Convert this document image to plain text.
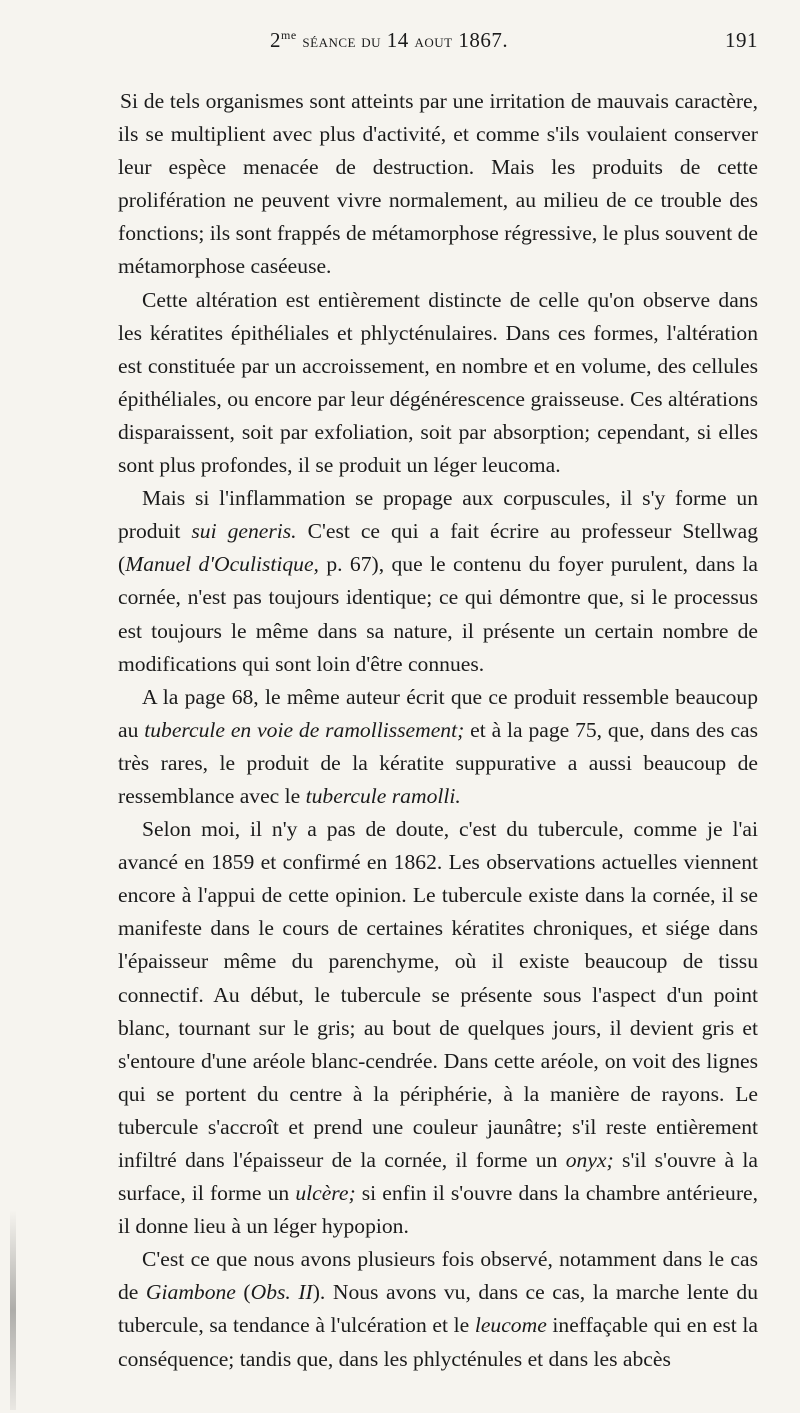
$2^{me}$ séance du 14 aout 1867.	191

Si de tels organismes sont atteints par une irritation de mauvais caractère, ils se multiplient avec plus d'activité, et comme s'ils voulaient conserver leur espèce menacée de destruction. Mais les produits de cette prolifération ne peuvent vivre normalement, au milieu de ce trouble des fonctions; ils sont frappés de métamorphose régressive, le plus souvent de métamorphose caséeuse.

Cette altération est entièrement distincte de celle qu'on observe dans les kératites épithéliales et phlycténulaires. Dans ces formes, l'altération est constituée par un accroissement, en nombre et en volume, des cellules épithéliales, ou encore par leur dégénérescence graisseuse. Ces altérations disparaissent, soit par exfoliation, soit par absorption; cependant, si elles sont plus profondes, il se produit un léger leucoma.

Mais si l'inflammation se propage aux corpuscules, il s'y forme un produit sui generis. C'est ce qui a fait écrire au professeur Stellwag (Manuel d'Oculistique, p. 67), que le contenu du foyer purulent, dans la cornée, n'est pas toujours identique; ce qui démontre que, si le processus est toujours le même dans sa nature, il présente un certain nombre de modifications qui sont loin d'être connues.

A la page 68, le même auteur écrit que ce produit ressemble beaucoup au tubercule en voie de ramollissement; et à la page 75, que, dans des cas très rares, le produit de la kératite suppurative a aussi beaucoup de ressemblance avec le tubercule ramolli.

Selon moi, il n'y a pas de doute, c'est du tubercule, comme je l'ai avancé en 1859 et confirmé en 1862. Les observations actuelles viennent encore à l'appui de cette opinion. Le tubercule existe dans la cornée, il se manifeste dans le cours de certaines kératites chroniques, et siége dans l'épaisseur même du parenchyme, où il existe beaucoup de tissu connectif. Au début, le tubercule se présente sous l'aspect d'un point blanc, tournant sur le gris; au bout de quelques jours, il devient gris et s'entoure d'une aréole blanc-cendrée. Dans cette aréole, on voit des lignes qui se portent du centre à la périphérie, à la manière de rayons. Le tubercule s'accroît et prend une couleur jaunâtre; s'il reste entièrement infiltré dans l'épaisseur de la cornée, il forme un onyx; s'il s'ouvre à la surface, il forme un ulcère; si enfin il s'ouvre dans la chambre antérieure, il donne lieu à un léger hypopion.

C'est ce que nous avons plusieurs fois observé, notamment dans le cas de Giambone (Obs. II). Nous avons vu, dans ce cas, la marche lente du tubercule, sa tendance à l'ulcération et le leucome ineffaçable qui en est la conséquence; tandis que, dans les phlycténules et dans les abcès
